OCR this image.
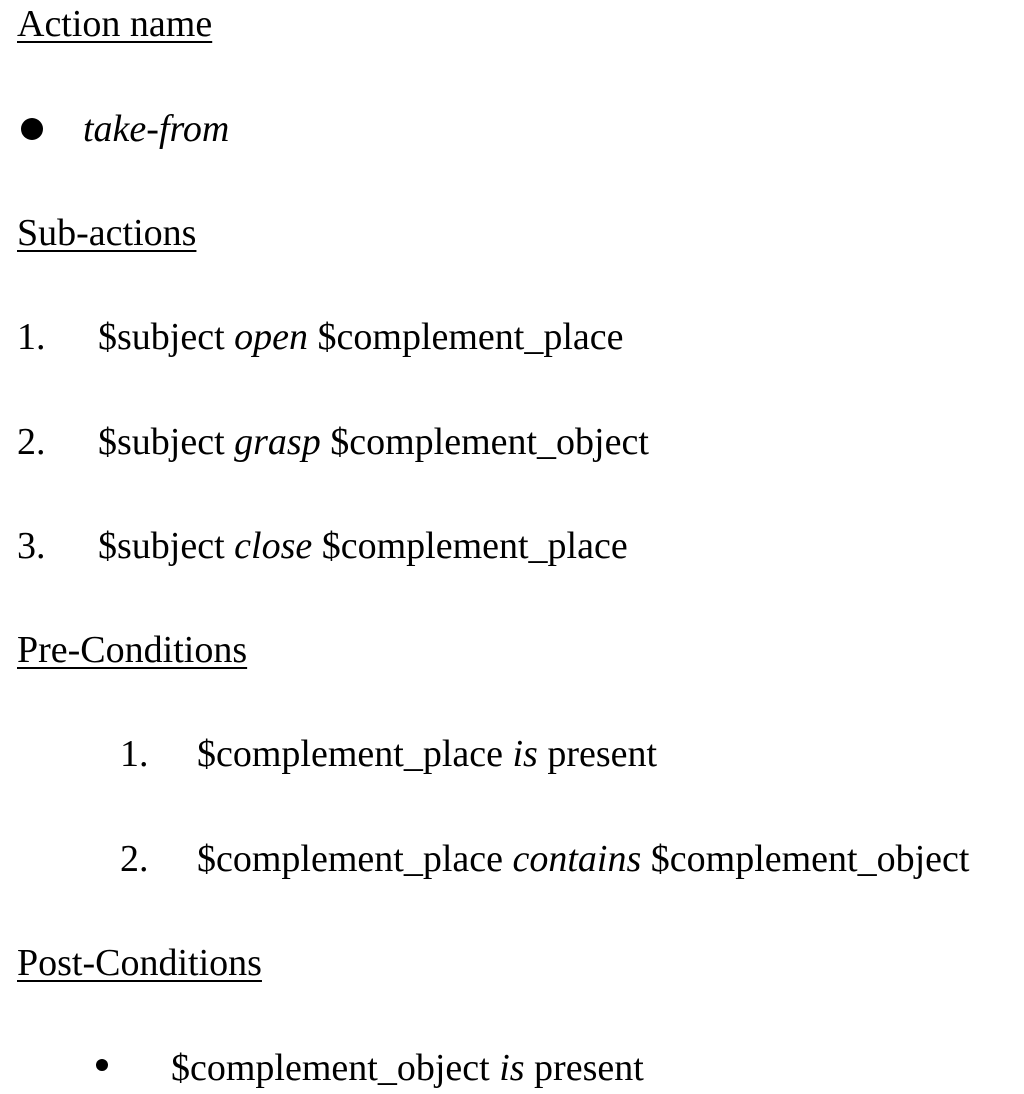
Action name
take-from
Sub-actions
1. $subject open $complement_place
2. $subject grasp $complement_object
3. $subject close $complement_place
Pre-Conditions
1. $complement_place is present
2. $complement_place contains $complement_object
Post-Conditions
$complement_object is present
